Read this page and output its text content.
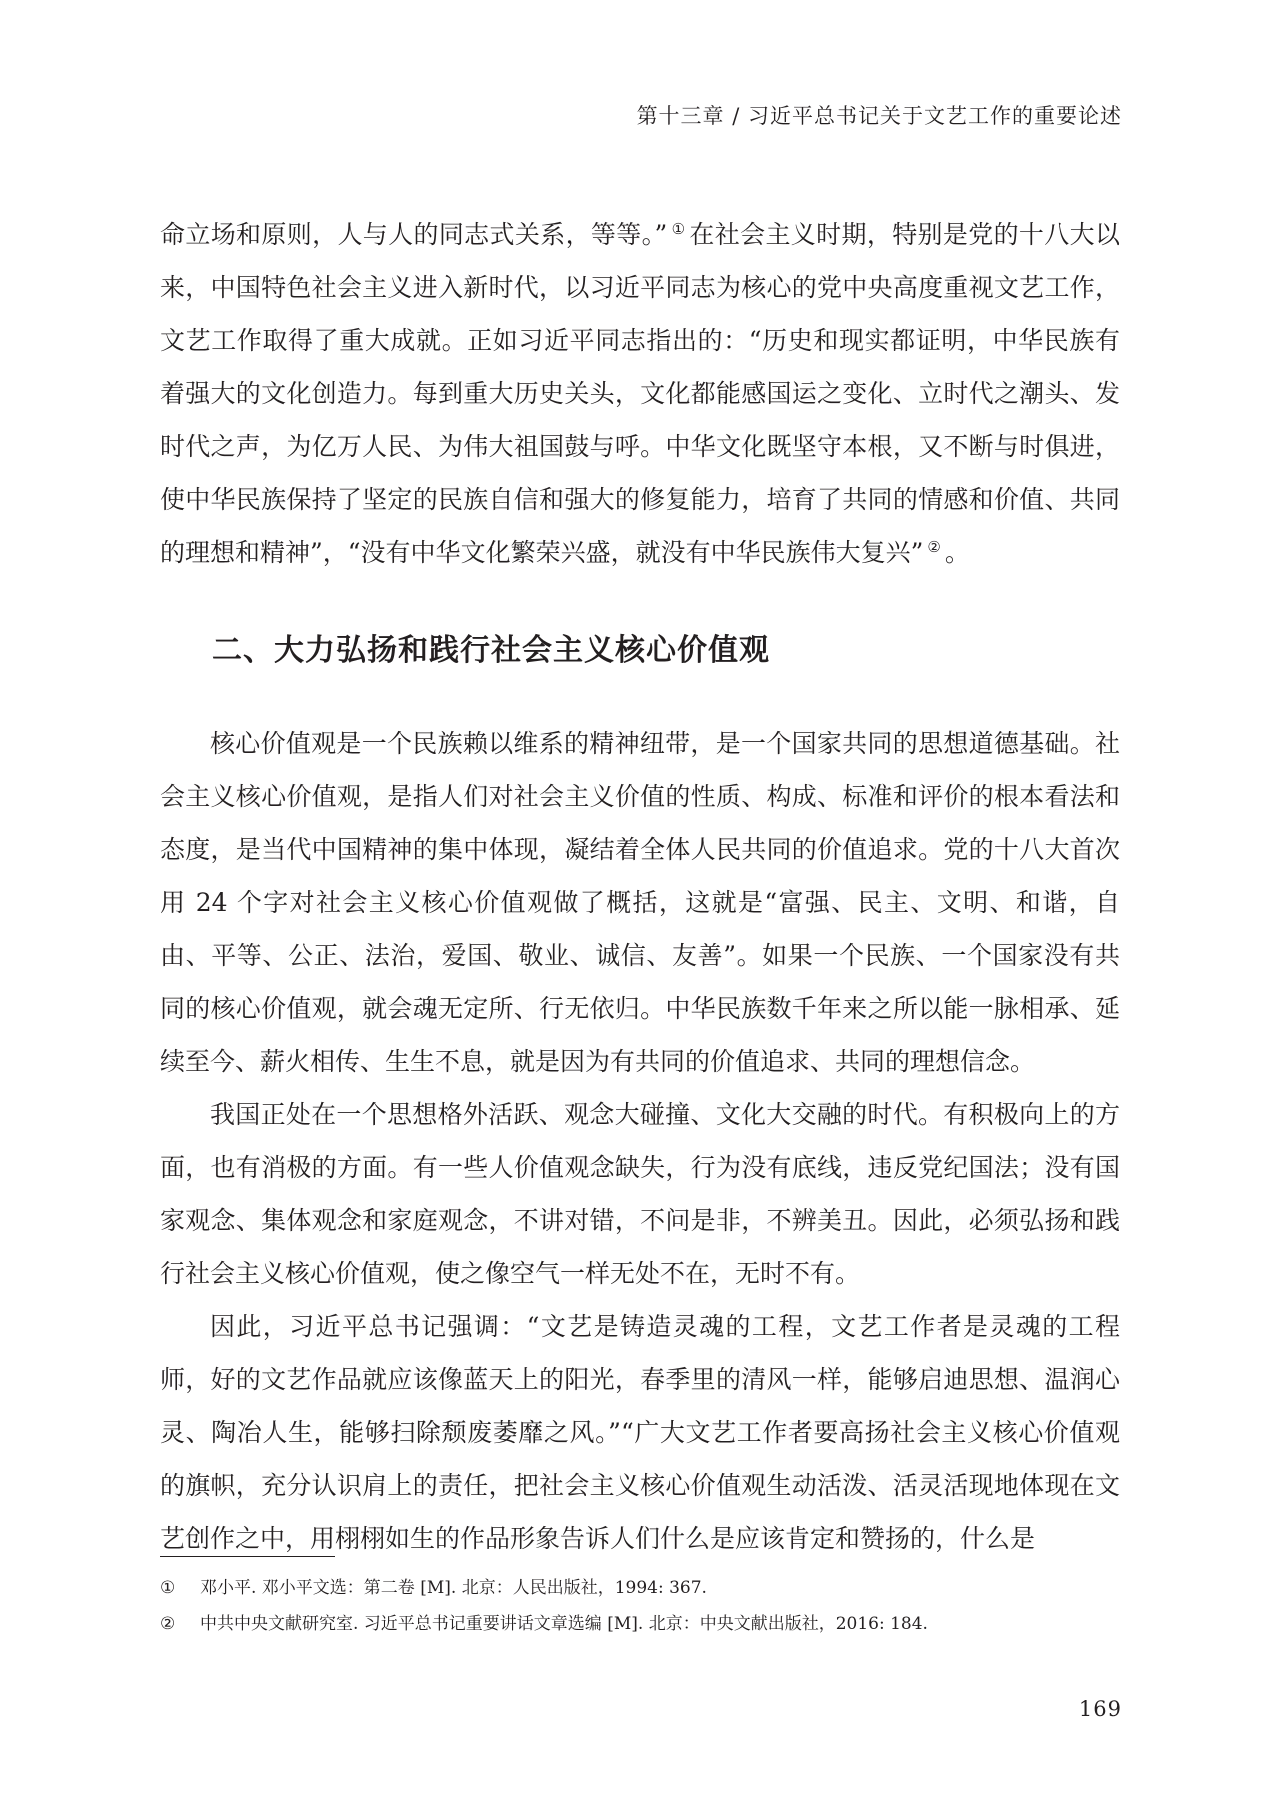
第十三章 / 习近平总书记关于文艺工作的重要论述

命立场和原则，人与人的同志式关系，等等。” ① 在社会主义时期，特别是党的十八大以来，中国特色社会主义进入新时代，以习近平同志为核心的党中央高度重视文艺工作，文艺工作取得了重大成就。正如习近平同志指出的：“历史和现实都证明，中华民族有着强大的文化创造力。每到重大历史关头，文化都能感国运之变化、立时代之潮头、发时代之声，为亿万人民、为伟大祖国鼓与呼。中华文化既坚守本根，又不断与时俱进，使中华民族保持了坚定的民族自信和强大的修复能力，培育了共同的情感和价值、共同的理想和精神”，“没有中华文化繁荣兴盛，就没有中华民族伟大复兴” ② 。

二、大力弘扬和践行社会主义核心价值观

核心价值观是一个民族赖以维系的精神纽带，是一个国家共同的思想道德基础。社会主义核心价值观，是指人们对社会主义价值的性质、构成、标准和评价的根本看法和态度，是当代中国精神的集中体现，凝结着全体人民共同的价值追求。党的十八大首次用 24 个字对社会主义核心价值观做了概括，这就是“富强、民主、文明、和谐，自由、平等、公正、法治，爱国、敬业、诚信、友善”。如果一个民族、一个国家没有共同的核心价值观，就会魂无定所、行无依归。中华民族数千年来之所以能一脉相承、延续至今、薪火相传、生生不息，就是因为有共同的价值追求、共同的理想信念。

我国正处在一个思想格外活跃、观念大碰撞、文化大交融的时代。有积极向上的方面，也有消极的方面。有一些人价值观念缺失，行为没有底线，违反党纪国法；没有国家观念、集体观念和家庭观念，不讲对错，不问是非，不辨美丑。因此，必须弘扬和践行社会主义核心价值观，使之像空气一样无处不在，无时不有。

因此，习近平总书记强调：“文艺是铸造灵魂的工程，文艺工作者是灵魂的工程师，好的文艺作品就应该像蓝天上的阳光，春季里的清风一样，能够启迪思想、温润心灵、陶冶人生，能够扫除颓废萎靡之风。”“广大文艺工作者要高扬社会主义核心价值观的旗帜，充分认识肩上的责任，把社会主义核心价值观生动活泼、活灵活现地体现在文艺创作之中，用栩栩如生的作品形象告诉人们什么是应该肯定和赞扬的，什么是

①	邓小平. 邓小平文选：第二卷 [M]. 北京：人民出版社，1994: 367.
②	中共中央文献研究室. 习近平总书记重要讲话文章选编 [M]. 北京：中央文献出版社，2016: 184.
169
